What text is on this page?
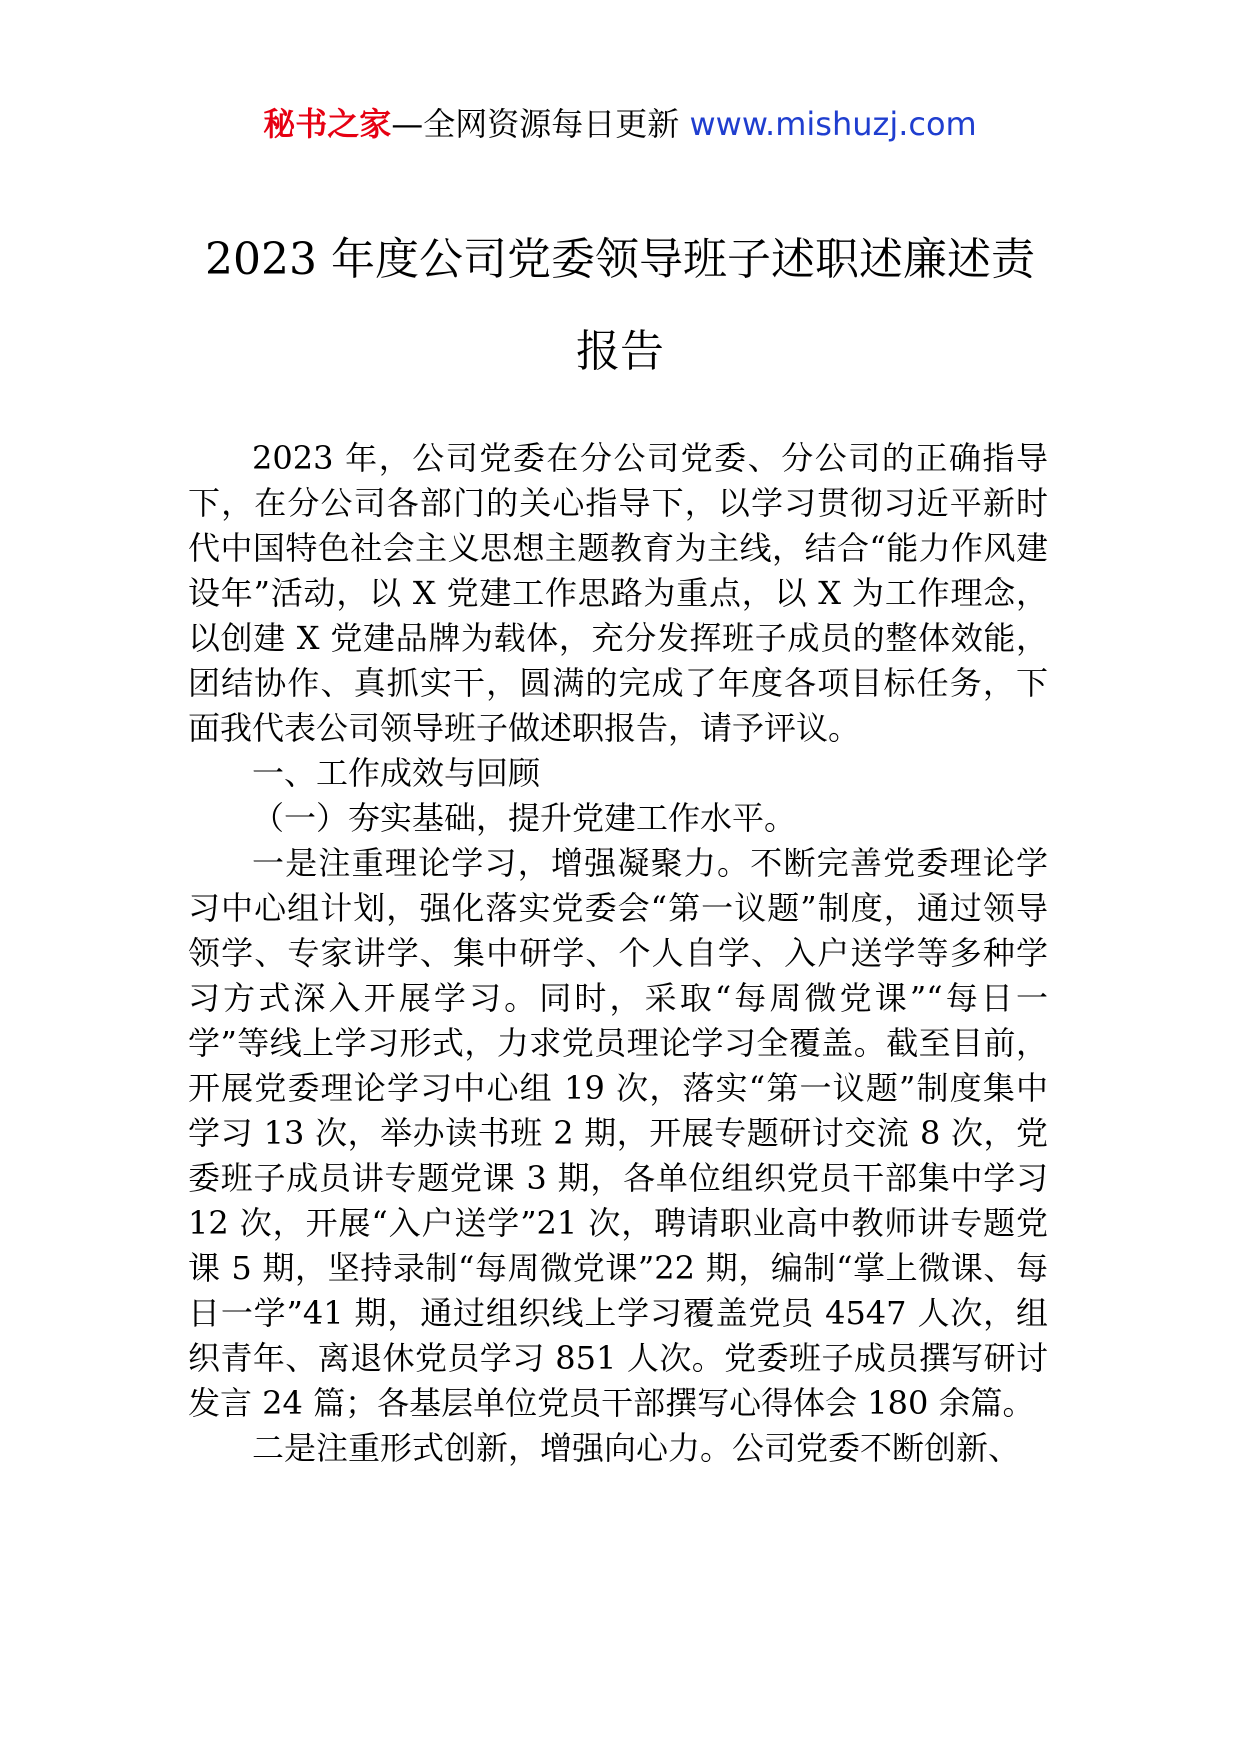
秘书之家—全网资源每日更新 www.mishuzj.com
2023 年度公司党委领导班子述职述廉述责
报告

2023 年，公司党委在分公司党委、分公司的正确指导下，在分公司各部门的关心指导下，以学习贯彻习近平新时代中国特色社会主义思想主题教育为主线，结合“能力作风建设年”活动，以 X 党建工作思路为重点，以 X 为工作理念，以创建 X 党建品牌为载体，充分发挥班子成员的整体效能，团结协作、真抓实干，圆满的完成了年度各项目标任务，下面我代表公司领导班子做述职报告，请予评议。

一、工作成效与回顾

（一）夯实基础，提升党建工作水平。

一是注重理论学习，增强凝聚力。不断完善党委理论学习中心组计划，强化落实党委会“第一议题”制度，通过领导领学、专家讲学、集中研学、个人自学、入户送学等多种学习方式深入开展学习。同时，采取“每周微党课”“每日一学”等线上学习形式，力求党员理论学习全覆盖。截至目前，开展党委理论学习中心组 19 次，落实“第一议题”制度集中学习 13 次，举办读书班 2 期，开展专题研讨交流 8 次，党委班子成员讲专题党课 3 期，各单位组织党员干部集中学习 12 次，开展“入户送学”21 次，聘请职业高中教师讲专题党课 5 期，坚持录制“每周微党课”22 期，编制“掌上微课、每日一学”41 期，通过组织线上学习覆盖党员 4547 人次，组织青年、离退休党员学习 851 人次。党委班子成员撰写研讨发言 24 篇；各基层单位党员干部撰写心得体会 180 余篇。

二是注重形式创新，增强向心力。公司党委不断创新、
